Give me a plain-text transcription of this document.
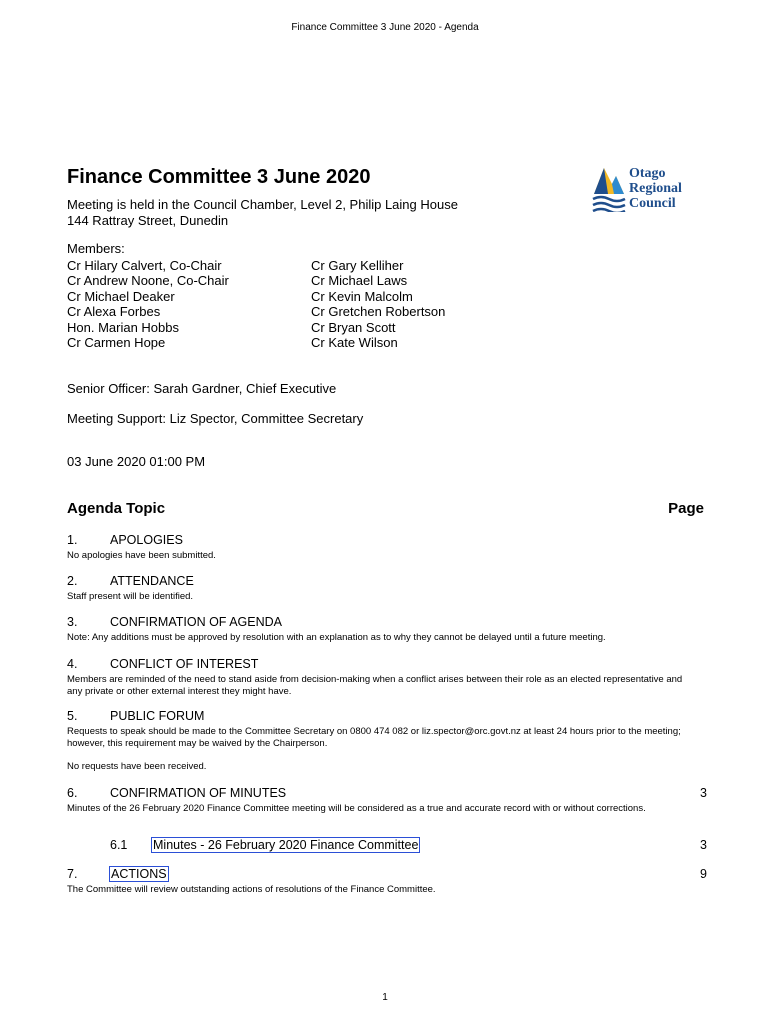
Finance Committee 3 June 2020 - Agenda
Finance Committee 3 June 2020
Meeting is held in the Council Chamber, Level 2, Philip Laing House
144 Rattray Street, Dunedin
Otago
Regional
Council
Members:
Cr Hilary Calvert, Co-Chair
Cr Andrew Noone, Co-Chair
Cr Michael Deaker
Cr Alexa Forbes
Hon. Marian Hobbs
Cr Carmen Hope
Cr Gary Kelliher
Cr Michael Laws
Cr Kevin Malcolm
Cr Gretchen Robertson
Cr Bryan Scott
Cr Kate Wilson
Senior Officer: Sarah Gardner, Chief Executive
Meeting Support: Liz Spector, Committee Secretary
03 June 2020 01:00 PM
Agenda Topic	Page
1.	APOLOGIES
No apologies have been submitted.
2.	ATTENDANCE
Staff present will be identified.
3.	CONFIRMATION OF AGENDA
Note: Any additions must be approved by resolution with an explanation as to why they cannot be delayed until a future meeting.
4.	CONFLICT OF INTEREST
Members are reminded of the need to stand aside from decision-making when a conflict arises between their role as an elected representative and any private or other external interest they might have.
5.	PUBLIC FORUM
Requests to speak should be made to the Committee Secretary on 0800 474 082 or liz.spector@orc.govt.nz at least 24 hours prior to the meeting; however, this requirement may be waived by the Chairperson.
No requests have been received.
6.	CONFIRMATION OF MINUTES	3
Minutes of the 26 February 2020 Finance Committee meeting will be considered as a true and accurate record with or without corrections.
6.1 Minutes - 26 February 2020 Finance Committee	3
7.	ACTIONS	9
The Committee will review outstanding actions of resolutions of the Finance Committee.
1
